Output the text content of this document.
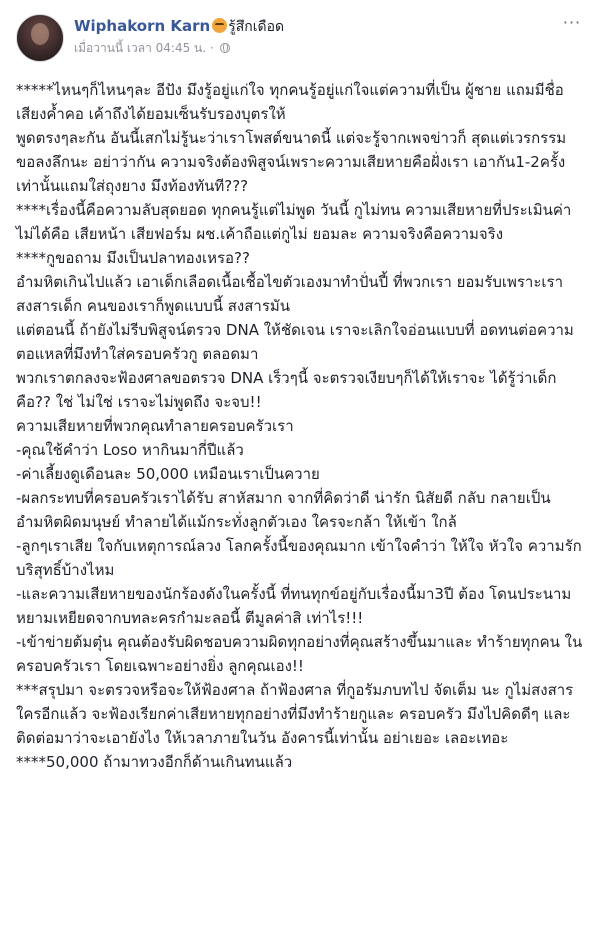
Wiphakorn Karn รู้สึกเดือด
เมื่อวานนี้ เวลา 04:45 น. ·
···

*****ไหนๆก็ไหนๆละ อีปัง มึงรู้อยู่แก่ใจ ทุกคนรู้อยู่แก่ใจแต่ความที่เป็น ผู้ชาย แถมมีชื่อเสียงค้ำคอ เค้าถึงได้ยอมเซ็นรับรองบุตรให้

พูดตรงๆละกัน อันนี้เสกไม่รู้นะว่าเราโพสต์ขนาดนี้ แต่จะรู้จากเพจข่าวก็ สุดแต่เวรกรรม

ขอลงลึกนะ อย่าว่ากัน ความจริงต้องพิสูจน์เพราะความเสียหายคือฝั่งเรา เอากัน1-2ครั้งเท่านั้นแถมใส่ถุงยาง มึงท้องทันที???

****เรื่องนี้คือความลับสุดยอด ทุกคนรู้แต่ไม่พูด วันนี้ กูไม่ทน ความเสียหายที่ประเมินค่าไม่ได้คือ เสียหน้า เสียฟอร์ม ผช.เค้าถือแต่กูไม่ ยอมละ ความจริงคือความจริง

****กูขอถาม มึงเป็นปลาทองเหรอ??

อำมหิตเกินไปแล้ว เอาเด็กเลือดเนื้อเชื้อไขตัวเองมาทำปั่นปี้ ที่พวกเรา ยอมรับเพราะเราสงสารเด็ก คนของเราก็พูดแบบนี้ สงสารมัน

แต่ตอนนี้ ถ้ายังไม่รีบพิสูจน์ตรวจ DNA ให้ชัดเจน เราจะเลิกใจอ่อนแบบที่ อดทนต่อความตอแหลที่มึงทำใส่ครอบครัวกู ตลอดมา

พวกเราตกลงจะฟ้องศาลขอตรวจ DNA เร็วๆนี้ จะตรวจเงียบๆก็ได้ให้เราจะ ได้รู้ว่าเด็กคือ?? ใช่ ไม่ใช่ เราจะไม่พูดถึง จะจบ!!

ความเสียหายที่พวกคุณทำลายครอบครัวเรา

-คุณใช้คำว่า Loso หากินมากี่ปีแล้ว

-ค่าเลี้ยงดูเดือนละ 50,000 เหมือนเราเป็นควาย

-ผลกระทบที่ครอบครัวเราได้รับ สาหัสมาก จากที่คิดว่าดี น่ารัก นิสัยดี กลับ กลายเป็นอำมหิตผิดมนุษย์ ทำลายได้แม้กระทั่งลูกตัวเอง ใครจะกล้า ให้เข้า ใกล้

-ลูกๆเราเสีย ใจกับเหตุการณ์ลวง โลกครั้งนี้ของคุณมาก เข้าใจคำว่า ให้ใจ หัวใจ ความรักบริสุทธิ์บ้างไหม

-และความเสียหายของนักร้องดังในครั้งนี้ ที่ทนทุกข์อยู่กับเรื่องนี้มา3ปี ต้อง โดนประนามหยามเหยียดจากบทละครกำมะลอนี้ ตีมูลค่าสิ เท่าไร!!!

-เข้าข่ายต้มตุ๋น คุณต้องรับผิดชอบความผิดทุกอย่างที่คุณสร้างขึ้นมาและ ทำร้ายทุกคน ในครอบครัวเรา โดยเฉพาะอย่างยิ่ง ลูกคุณเอง!!

***สรุปมา จะตรวจหรือจะให้ฟ้องศาล ถ้าฟ้องศาล ที่กูอรัมภบทไป จัดเต็ม นะ กูไม่สงสารใครอีกแล้ว จะฟ้องเรียกค่าเสียหายทุกอย่างที่มึงทำร้ายกูและ ครอบครัว มึงไปคิดดีๆ และติดต่อมาว่าจะเอายังไง ให้เวลาภายในวัน อังคารนี้เท่านั้น อย่าเยอะ เลอะเทอะ

****50,000 ถ้ามาทวงอีกก็ด้านเกินทนแล้ว
